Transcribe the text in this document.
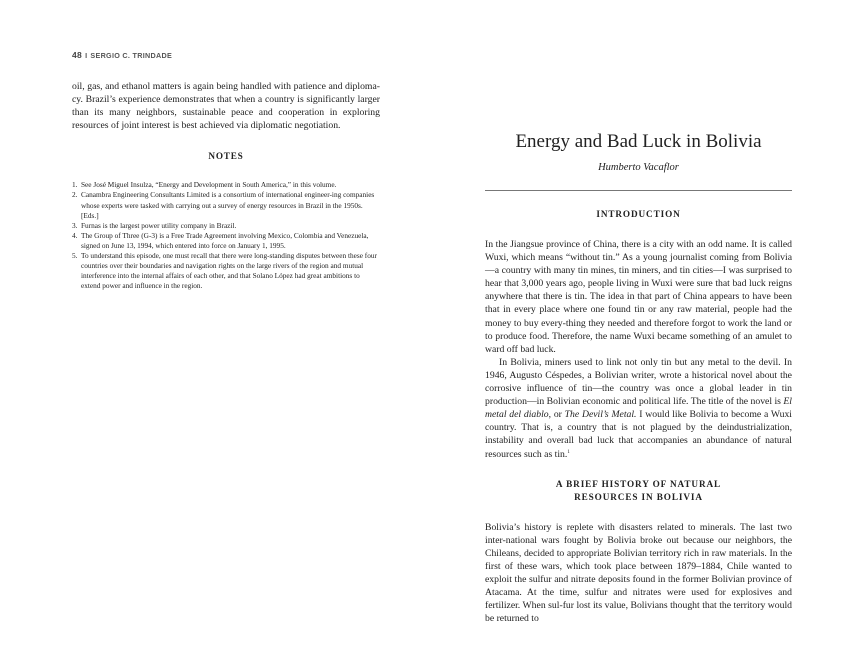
48 I SERGIO C. TRINDADE

oil, gas, and ethanol matters is again being handled with patience and diploma-cy. Brazil’s experience demonstrates that when a country is significantly larger than its many neighbors, sustainable peace and cooperation in exploring resources of joint interest is best achieved via diplomatic negotiation.

NOTES
1. See José Miguel Insulza, “Energy and Development in South America,” in this volume.
2. Canambra Engineering Consultants Limited is a consortium of international engineer-ing companies whose experts were tasked with carrying out a survey of energy resources in Brazil in the 1950s. [Eds.]
3. Furnas is the largest power utility company in Brazil.
4. The Group of Three (G-3) is a Free Trade Agreement involving Mexico, Colombia and Venezuela, signed on June 13, 1994, which entered into force on January 1, 1995.
5. To understand this episode, one must recall that there were long-standing disputes between these four countries over their boundaries and navigation rights on the large rivers of the region and mutual interference into the internal affairs of each other, and that Solano López had great ambitions to extend power and influence in the region.
Energy and Bad Luck in Bolivia
Humberto Vacaflor
INTRODUCTION

In the Jiangsue province of China, there is a city with an odd name. It is called Wuxi, which means “without tin.” As a young journalist coming from Bolivia—a country with many tin mines, tin miners, and tin cities—I was surprised to hear that 3,000 years ago, people living in Wuxi were sure that bad luck reigns anywhere that there is tin. The idea in that part of China appears to have been that in every place where one found tin or any raw material, people had the money to buy every-thing they needed and therefore forgot to work the land or to produce food. Therefore, the name Wuxi became something of an amulet to ward off bad luck.

In Bolivia, miners used to link not only tin but any metal to the devil. In 1946, Augusto Céspedes, a Bolivian writer, wrote a historical novel about the corrosive influence of tin—the country was once a global leader in tin production—in Bolivian economic and political life. The title of the novel is El metal del diablo, or The Devil’s Metal. I would like Bolivia to become a Wuxi country. That is, a country that is not plagued by the deindustrialization, instability and overall bad luck that accompanies an abundance of natural resources such as tin.$^1$

A BRIEF HISTORY OF NATURAL
RESOURCES IN BOLIVIA

Bolivia’s history is replete with disasters related to minerals. The last two inter-national wars fought by Bolivia broke out because our neighbors, the Chileans, decided to appropriate Bolivian territory rich in raw materials. In the first of these wars, which took place between 1879–1884, Chile wanted to exploit the sulfur and nitrate deposits found in the former Bolivian province of Atacama. At the time, sulfur and nitrates were used for explosives and fertilizer. When sul-fur lost its value, Bolivians thought that the territory would be returned to
